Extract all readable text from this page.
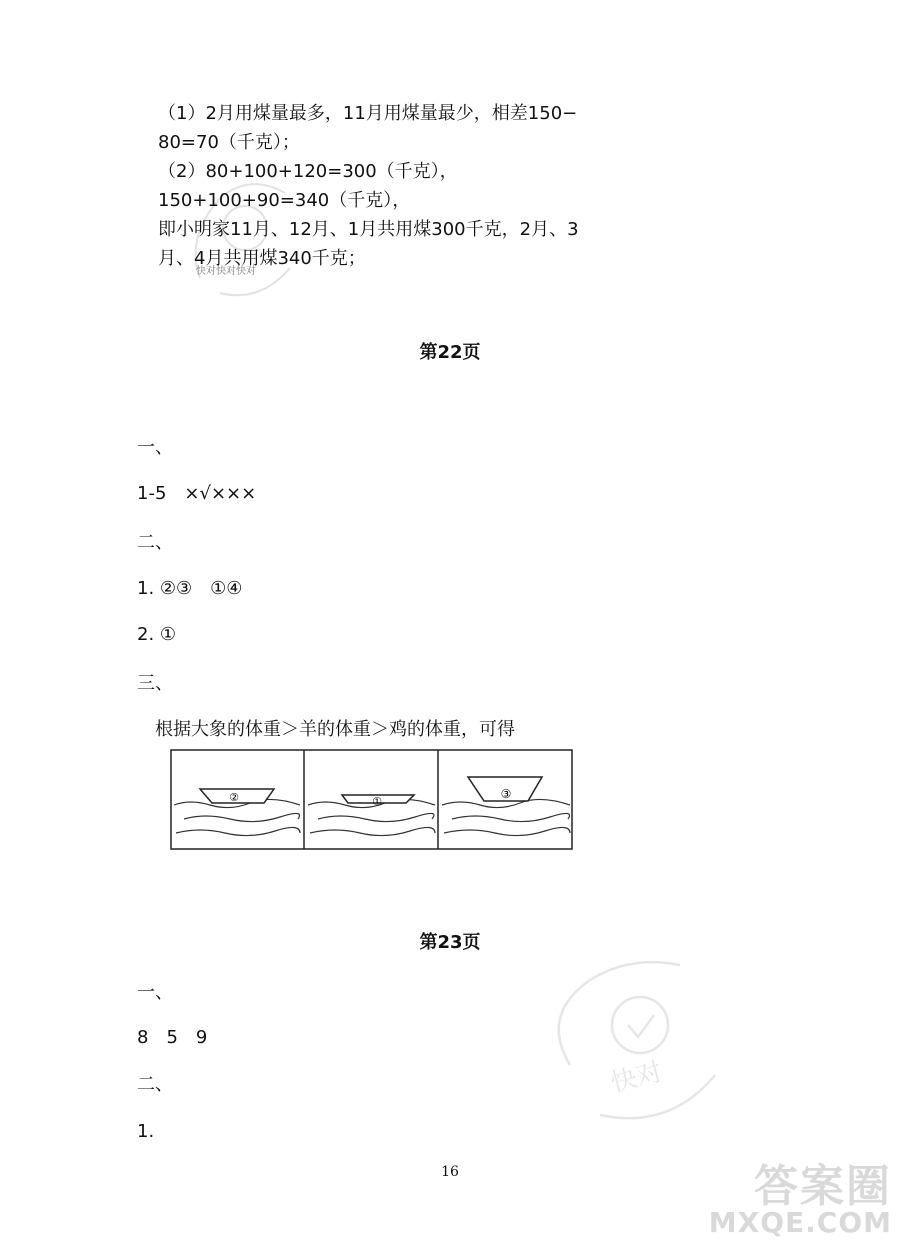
快对快对快对
（1）2月用煤量最多，11月用煤量最少，相差150−
80=70（千克）；
（2）80+100+120=300（千克），
150+100+90=340（千克），
即小明家11月、12月、1月共用煤300千克，2月、3
月、4月共用煤340千克；
第22页
一、
1-5　×√×××
二、
1. ②③　①④
2. ①
三、
根据大象的体重＞羊的体重＞鸡的体重，可得
②	①
③
第23页
一、
8　5　9
二、
1.
快对
16	答案圈
MXQE.COM
